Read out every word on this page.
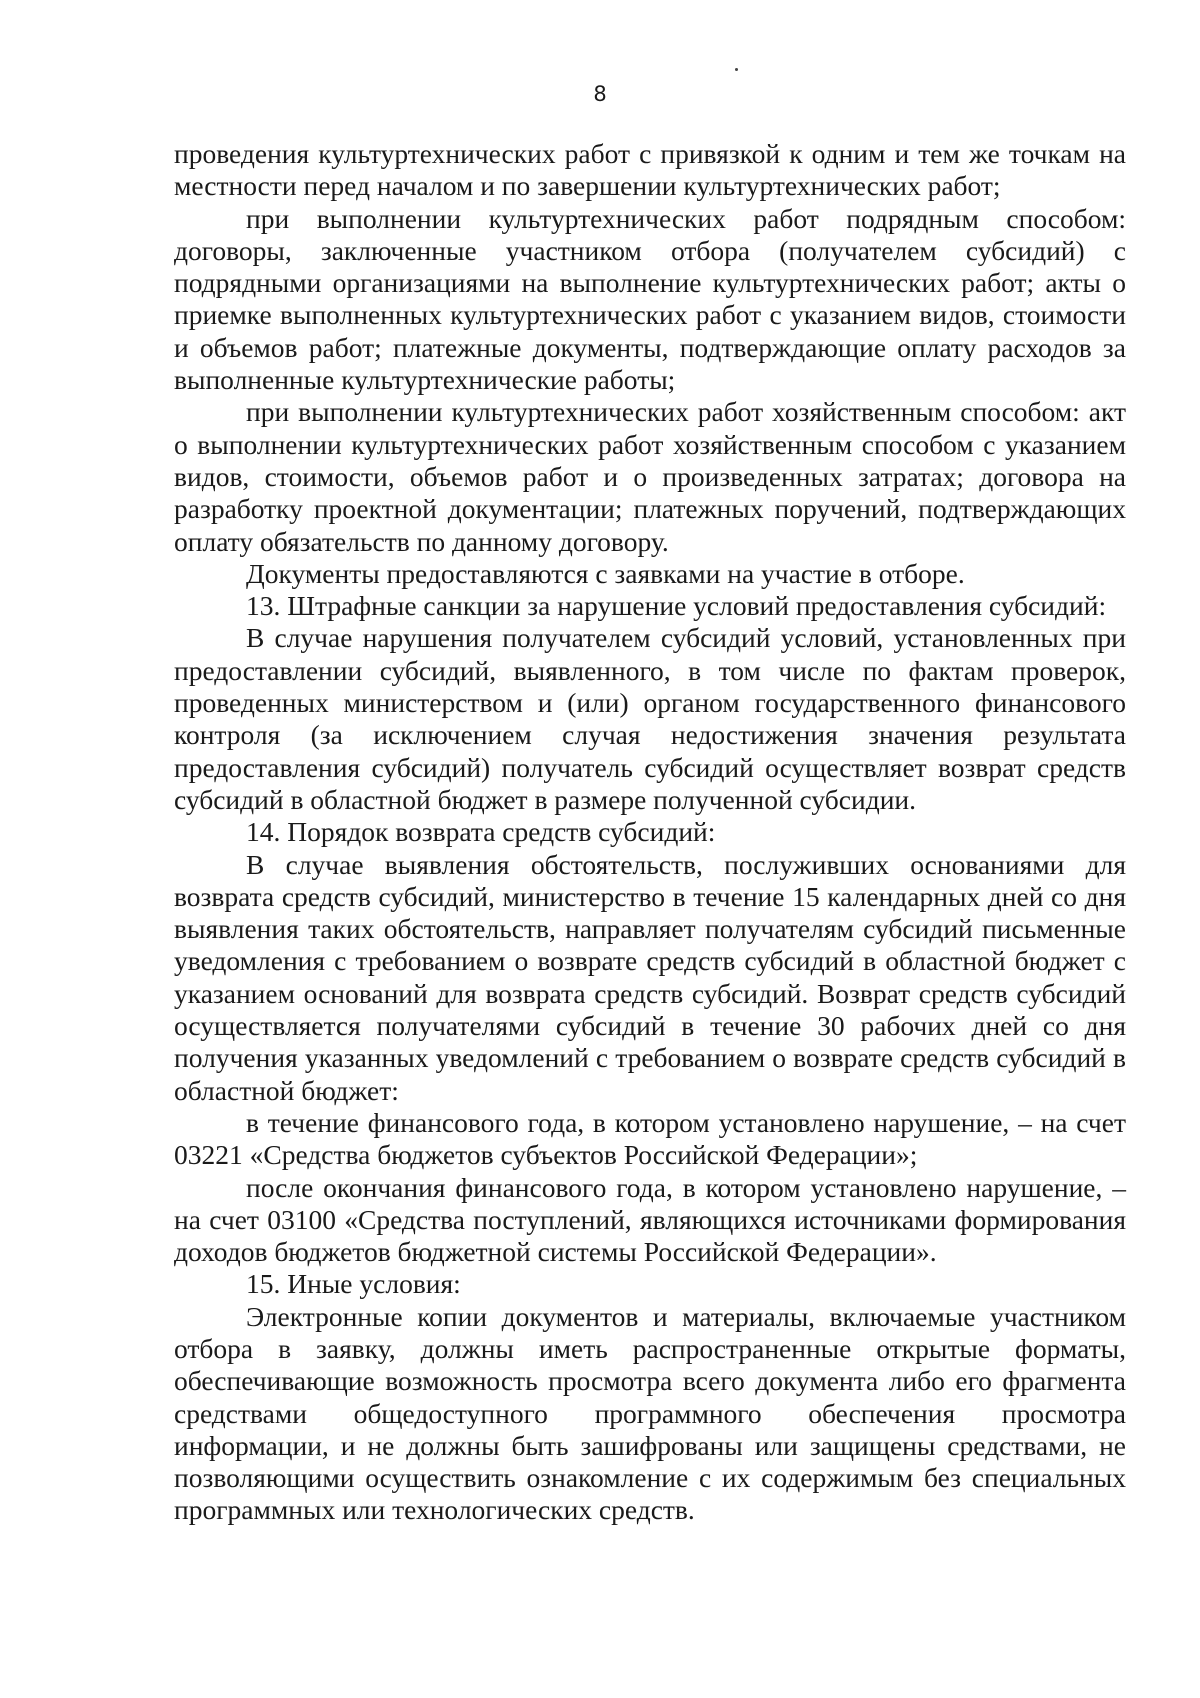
8

проведения культуртехнических работ с привязкой к одним и тем же точкам на местности перед началом и по завершении культуртехнических работ;

при выполнении культуртехнических работ подрядным способом: договоры, заключенные участником отбора (получателем субсидий) с подрядными организациями на выполнение культуртехнических работ; акты о приемке выполненных культуртехнических работ с указанием видов, стоимости и объемов работ; платежные документы, подтверждающие оплату расходов за выполненные культуртехнические работы;

при выполнении культуртехнических работ хозяйственным способом: акт о выполнении культуртехнических работ хозяйственным способом с указанием видов, стоимости, объемов работ и о произведенных затратах; договора на разработку проектной документации; платежных поручений, подтверждающих оплату обязательств по данному договору.

Документы предоставляются с заявками на участие в отборе.

13. Штрафные санкции за нарушение условий предоставления субсидий:

В случае нарушения получателем субсидий условий, установленных при предоставлении субсидий, выявленного, в том числе по фактам проверок, проведенных министерством и (или) органом государственного финансового контроля (за исключением случая недостижения значения результата предоставления субсидий) получатель субсидий осуществляет возврат средств субсидий в областной бюджет в размере полученной субсидии.

14. Порядок возврата средств субсидий:

В случае выявления обстоятельств, послуживших основаниями для возврата средств субсидий, министерство в течение 15 календарных дней со дня выявления таких обстоятельств, направляет получателям субсидий письменные уведомления с требованием о возврате средств субсидий в областной бюджет с указанием оснований для возврата средств субсидий. Возврат средств субсидий осуществляется получателями субсидий в течение 30 рабочих дней со дня получения указанных уведомлений с требованием о возврате средств субсидий в областной бюджет:

в течение финансового года, в котором установлено нарушение, – на счет 03221 «Средства бюджетов субъектов Российской Федерации»;

после окончания финансового года, в котором установлено нарушение, – на счет 03100 «Средства поступлений, являющихся источниками формирования доходов бюджетов бюджетной системы Российской Федерации».

15. Иные условия:

Электронные копии документов и материалы, включаемые участником отбора в заявку, должны иметь распространенные открытые форматы, обеспечивающие возможность просмотра всего документа либо его фрагмента средствами общедоступного программного обеспечения просмотра информации, и не должны быть зашифрованы или защищены средствами, не позволяющими осуществить ознакомление с их содержимым без специальных программных или технологических средств.
